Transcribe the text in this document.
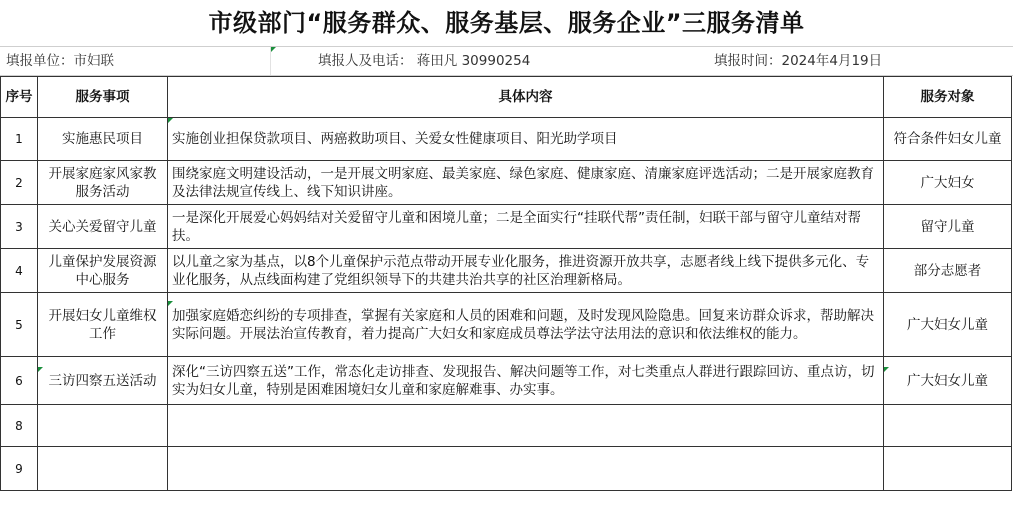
市级部门“服务群众、服务基层、服务企业”三服务清单
填报单位：市妇联	填报人及电话： 蒋田凡 30990254	填报时间：2024年4月19日
序号	服务事项	具体内容	服务对象
1	实施惠民项目	实施创业担保贷款项目、两癌救助项目、关爱女性健康项目、阳光助学项目	符合条件妇女儿童
2	开展家庭家风家教服务活动	围绕家庭文明建设活动，一是开展文明家庭、最美家庭、绿色家庭、健康家庭、清廉家庭评选活动；二是开展家庭教育及法律法规宣传线上、线下知识讲座。	广大妇女
3	关心关爱留守儿童	一是深化开展爱心妈妈结对关爱留守儿童和困境儿童；二是全面实行“挂联代帮”责任制，妇联干部与留守儿童结对帮扶。	留守儿童
4	儿童保护发展资源中心服务	以儿童之家为基点，以8个儿童保护示范点带动开展专业化服务，推进资源开放共享，志愿者线上线下提供多元化、专业化服务，从点线面构建了党组织领导下的共建共治共享的社区治理新格局。	部分志愿者
5	开展妇女儿童维权工作	加强家庭婚恋纠纷的专项排查，掌握有关家庭和人员的困难和问题，及时发现风险隐患。回复来访群众诉求，帮助解决实际问题。开展法治宣传教育，着力提高广大妇女和家庭成员尊法学法守法用法的意识和依法维权的能力。	广大妇女儿童
6	三访四察五送活动	深化“三访四察五送”工作，常态化走访排查、发现报告、解决问题等工作，对七类重点人群进行跟踪回访、重点访，切实为妇女儿童，特别是困难困境妇女儿童和家庭解难事、办实事。	广大妇女儿童
8			
9			
